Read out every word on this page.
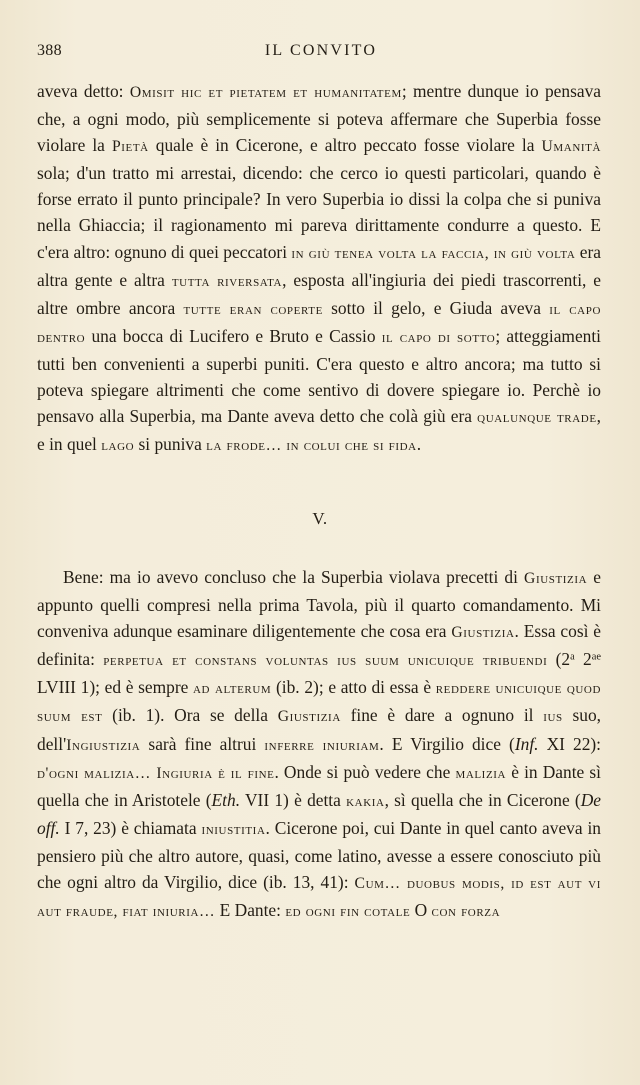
388	IL CONVITO

aveva detto: Omisit hic et pietatem et humanitatem; mentre dunque io pensava che, a ogni modo, più semplicemente si poteva affermare che Superbia fosse violare la Pietà quale è in Cicerone, e altro peccato fosse violare la Umanità sola; d'un tratto mi arrestai, dicendo: che cerco io questi particolari, quando è forse errato il punto principale? In vero Superbia io dissi la colpa che si puniva nella Ghiaccia; il ragionamento mi pareva dirittamente condurre a questo. E c'era altro: ognuno di quei peccatori in giù tenea volta la faccia, in giù volta era altra gente e altra tutta riversata, esposta all'ingiuria dei piedi trascorrenti, e altre ombre ancora tutte eran coperte sotto il gelo, e Giuda aveva il capo dentro una bocca di Lucifero e Bruto e Cassio il capo di sotto; atteggiamenti tutti ben convenienti a superbi puniti. C'era questo e altro ancora; ma tutto si poteva spiegare altrimenti che come sentivo di dovere spiegare io. Perchè io pensavo alla Superbia, ma Dante aveva detto che colà giù era qualunque trade, e in quel lago si puniva la frode… in colui che si fida.

V.

Bene: ma io avevo concluso che la Superbia violava precetti di Giustizia e appunto quelli compresi nella prima Tavola, più il quarto comandamento. Mi conveniva adunque esaminare diligentemente che cosa era Giustizia. Essa così è definita: perpetua et constans voluntas ius suum unicuique tribuendi (2$^a$ $2^{ae}$ LVIII 1); ed è sempre ad alterum (ib. 2); e atto di essa è reddere unicuique quod suum est (ib. 1). Ora se della Giustizia fine è dare a ognuno il ius suo, dell'Ingiustizia sarà fine altrui inferre iniuriam. E Virgilio dice (Inf. XI 22): d'ogni malizia… Ingiuria è il fine. Onde si può vedere che malizia è in Dante sì quella che in Aristotele (Eth. VII 1) è detta kakia, sì quella che in Cicerone (De off. I 7, 23) è chiamata iniustitia. Cicerone poi, cui Dante in quel canto aveva in pensiero più che altro autore, quasi, come latino, avesse a essere conosciuto più che ogni altro da Virgilio, dice (ib. 13, 41): Cum… duobus modis, id est aut vi aut fraude, fiat iniuria… E Dante: ed ogni fin cotale O con forza
